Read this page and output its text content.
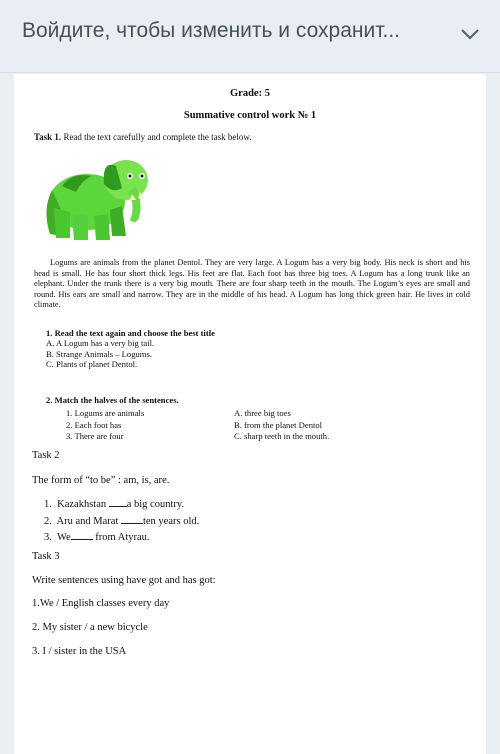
Войдите, чтобы изменить и сохранит...
Grade: 5
Summative control work № 1
Task 1. Read the text carefully and complete the task below.
Logums are animals from the planet Dentol. They are very large. A Logum has a very big body. His neck is short and his head is small. He has four short thick legs. His feet are flat. Each foot has three big toes. A Logum has a long trunk like an elephant. Under the trunk there is a very big mouth. There are four sharp teeth in the mouth. The Logum’s eyes are small and round. His ears are small and narrow. They are in the middle of his head. A Logum has long thick green hair. He lives in cold climate.
1. Read the text again and choose the best title
A. A Logum has a very big tail.
B. Strange Animals – Logums.
C. Plants of planet Dentol.
2. Match the halves of the sentences.
1. Logums are animals
2. Each foot has
3. There are four
A. three big toes
B. from the planet Dentol
C. sharp teeth in the mouth.
Task 2
The form of “to be” : am, is, are.
1. Kazakhstan a big country.
2. Aru and Marat ten years old.
3. We from Atyrau.
Task 3
Write sentences using have got and has got:
1.We / English classes every day
2. My sister / a new bicycle
3. I / sister in the USA
